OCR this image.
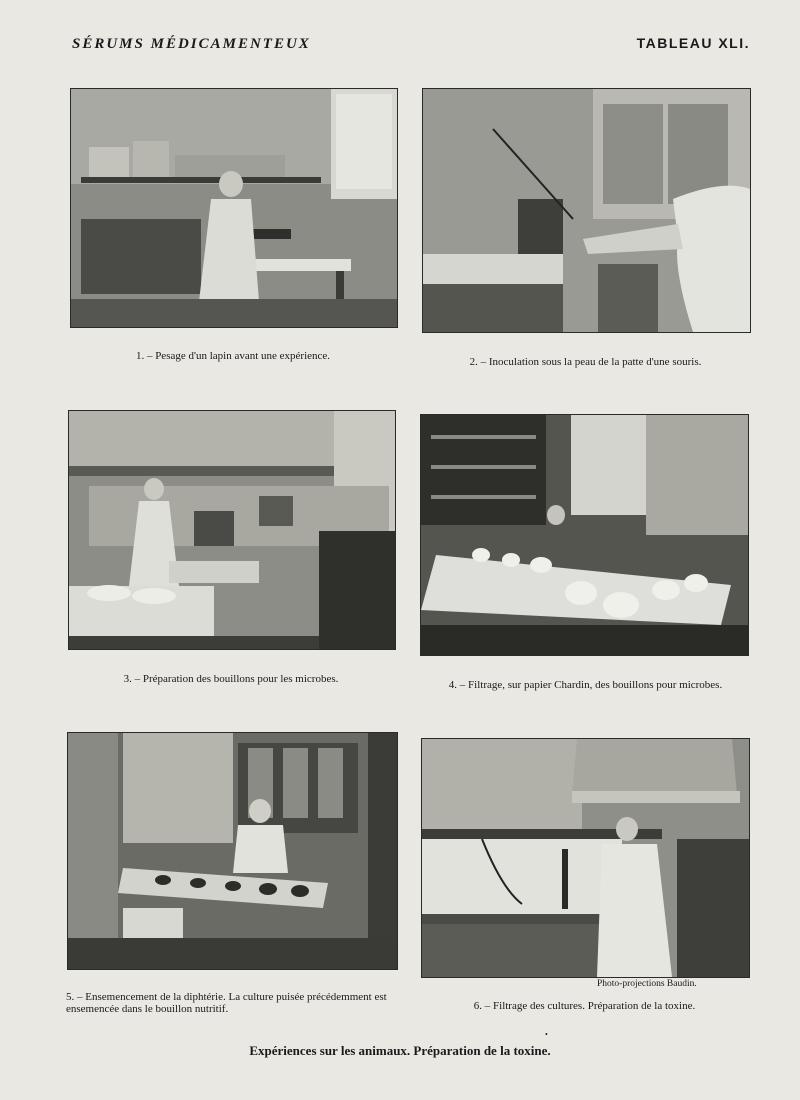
SÉRUMS MÉDICAMENTEUX	TABLEAU XLI.
1. – Pesage d'un lapin avant une expérience.	2. – Inoculation sous la peau de la patte d'une souris.
3. – Préparation des bouillons pour les microbes.	4. – Filtrage, sur papier Chardin, des bouillons pour microbes.
5. – Ensemencement de la diphtérie. La culture puisée précédemment est ensemencée dans le bouillon nutritif.
Photo-projections Baudin.
6. – Filtrage des cultures. Préparation de la toxine.
•
Expériences sur les animaux. Préparation de la toxine.
